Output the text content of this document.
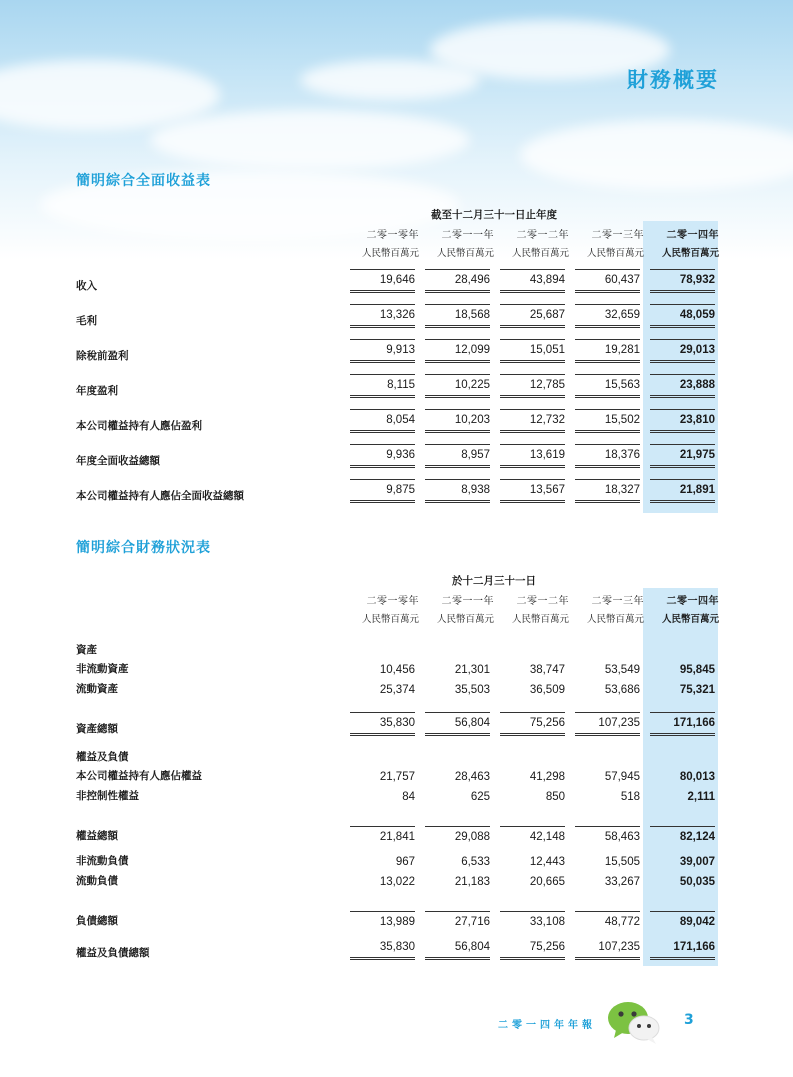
財務概要
簡明綜合全面收益表
	截至十二月三十一日止年度				
	二零一零年	二零一一年	二零一二年	二零一三年	二零一四年
	人民幣百萬元	人民幣百萬元	人民幣百萬元	人民幣百萬元	人民幣百萬元
收入	19,646	28,496	43,894	60,437	78,932

毛利	13,326	18,568	25,687	32,659	48,059

除稅前盈利	9,913	12,099	15,051	19,281	29,013

年度盈利	8,115	10,225	12,785	15,563	23,888

本公司權益持有人應佔盈利	8,054	10,203	12,732	15,502	23,810

年度全面收益總額	9,936	8,957	13,619	18,376	21,975

本公司權益持有人應佔全面收益總額	9,875	8,938	13,567	18,327	21,891
簡明綜合財務狀況表
	於十二月三十一日				
	二零一零年	二零一一年	二零一二年	二零一三年	二零一四年
	人民幣百萬元	人民幣百萬元	人民幣百萬元	人民幣百萬元	人民幣百萬元
資產					
非流動資產	10,456	21,301	38,747	53,549	95,845
流動資產	25,374	35,503	36,509	53,686	75,321
資產總額	35,830	56,804	75,256	107,235	171,166

權益及負債					
本公司權益持有人應佔權益	21,757	28,463	41,298	57,945	80,013
非控制性權益	84	625	850	518	2,111
權益總額	21,841	29,088	42,148	58,463	82,124

非流動負債	967	6,533	12,443	15,505	39,007
流動負債	13,022	21,183	20,665	33,267	50,035
負債總額	13,989	27,716	33,108	48,772	89,042

權益及負債總額	35,830	56,804	75,256	107,235	171,166
二零一四年年報	3
